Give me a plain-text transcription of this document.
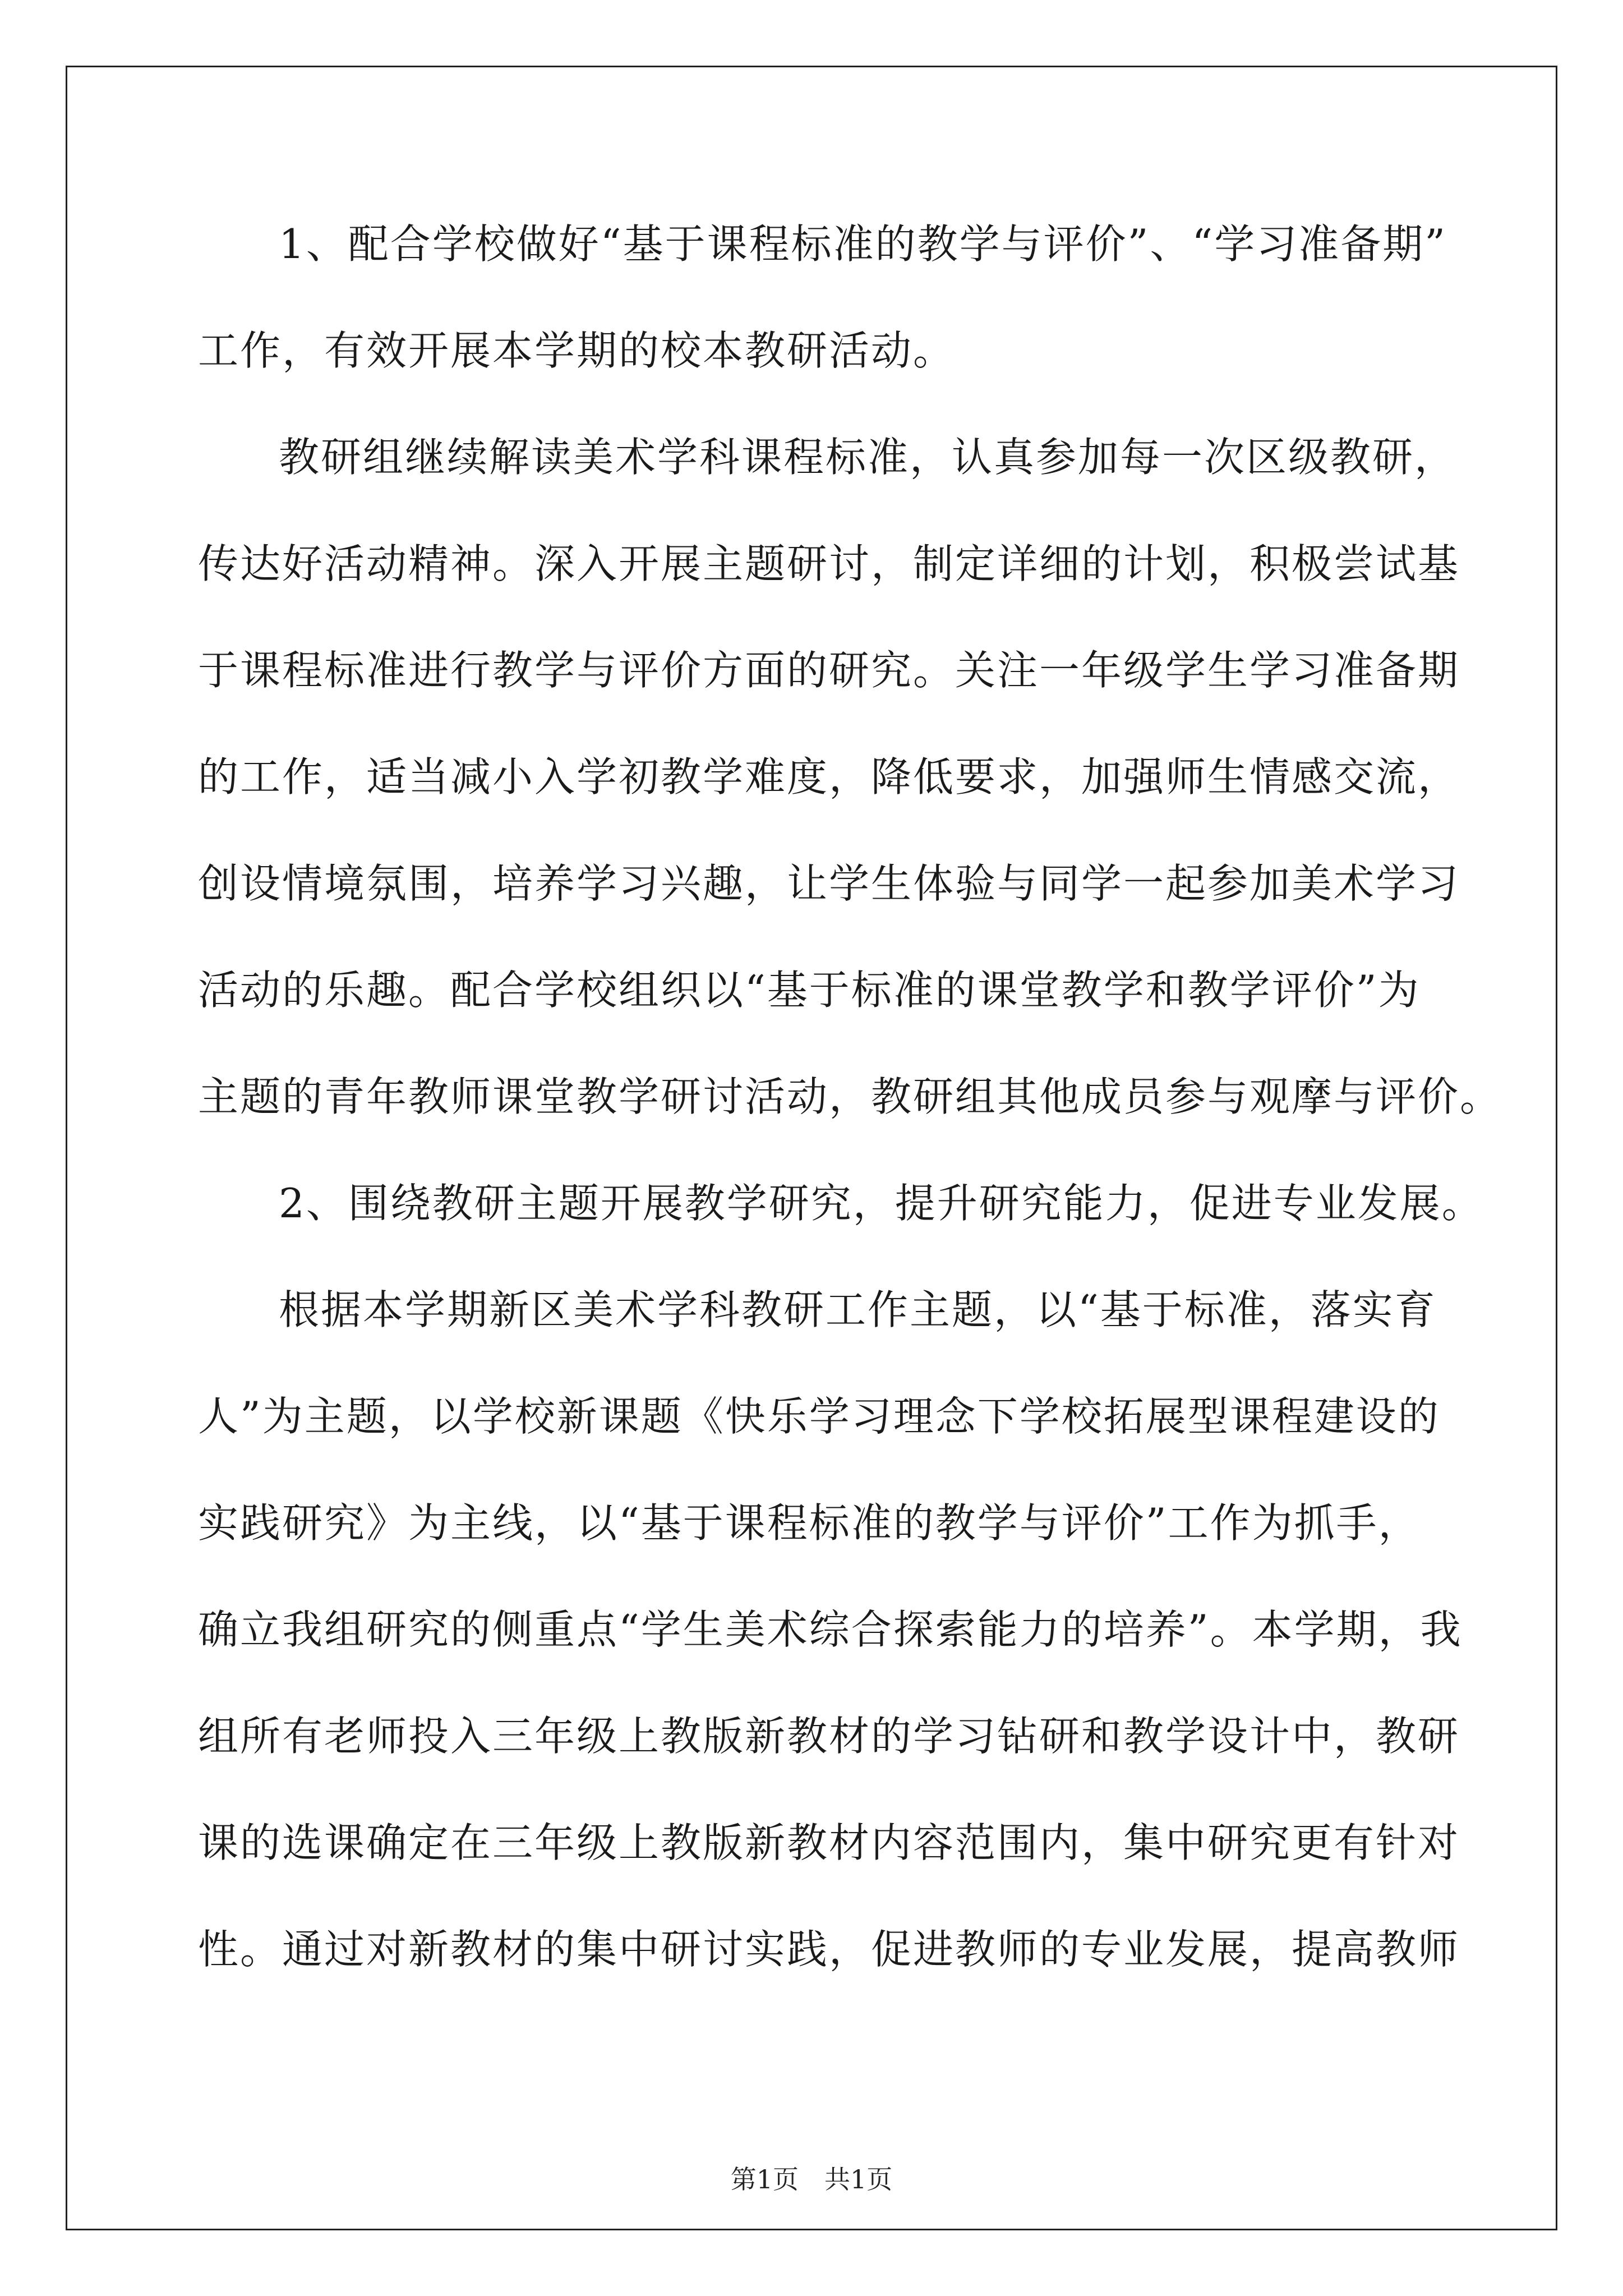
1、配合学校做好“基于课程标准的教学与评价”、“学习准备期”
工作，有效开展本学期的校本教研活动。
教研组继续解读美术学科课程标准，认真参加每一次区级教研，
传达好活动精神。深入开展主题研讨，制定详细的计划，积极尝试基
于课程标准进行教学与评价方面的研究。关注一年级学生学习准备期
的工作，适当减小入学初教学难度，降低要求，加强师生情感交流，
创设情境氛围，培养学习兴趣，让学生体验与同学一起参加美术学习
活动的乐趣。配合学校组织以“基于标准的课堂教学和教学评价”为
主题的青年教师课堂教学研讨活动，教研组其他成员参与观摩与评价。
2、围绕教研主题开展教学研究，提升研究能力，促进专业发展。
根据本学期新区美术学科教研工作主题，以“基于标准，落实育
人”为主题，以学校新课题《快乐学习理念下学校拓展型课程建设的
实践研究》为主线，以“基于课程标准的教学与评价”工作为抓手，
确立我组研究的侧重点“学生美术综合探索能力的培养”。本学期，我
组所有老师投入三年级上教版新教材的学习钻研和教学设计中，教研
课的选课确定在三年级上教版新教材内容范围内，集中研究更有针对
性。通过对新教材的集中研讨实践，促进教师的专业发展，提高教师
第1页　共1页
